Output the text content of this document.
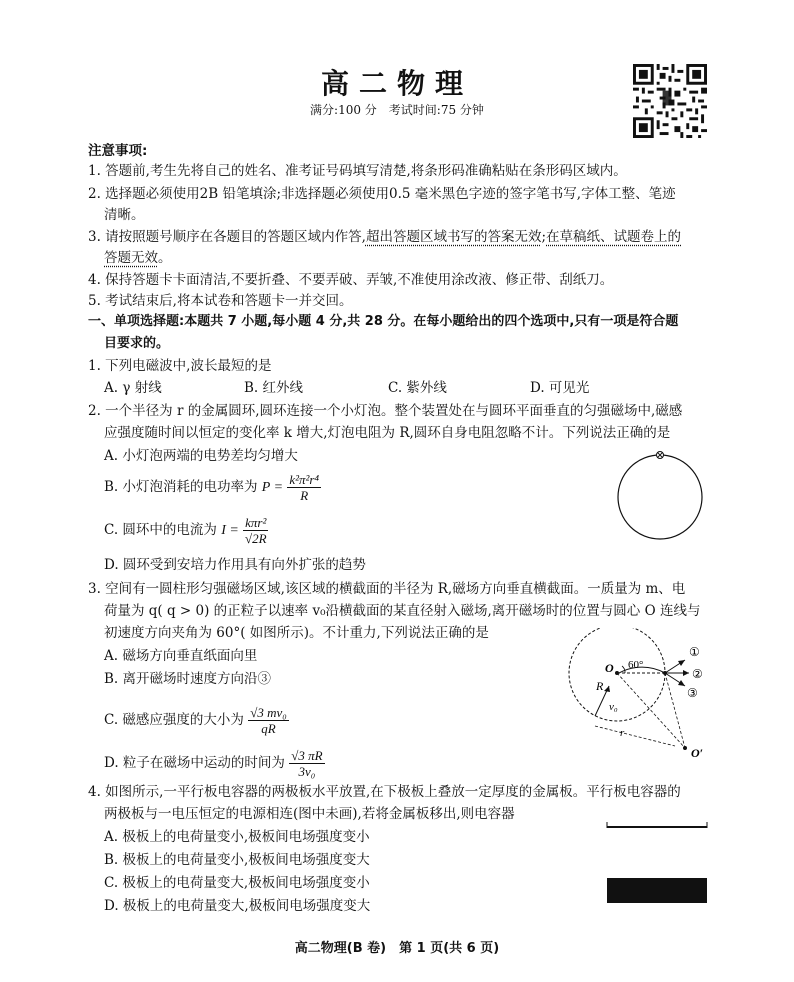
高二物理
满分:100 分　考试时间:75 分钟
注意事项:
1. 答题前,考生先将自己的姓名、准考证号码填写清楚,将条形码准确粘贴在条形码区域内。
2. 选择题必须使用2B 铅笔填涂;非选择题必须使用0.5 毫米黑色字迹的签字笔书写,字体工整、笔迹
清晰。
3. 请按照题号顺序在各题目的答题区域内作答,超出答题区域书写的答案无效;在草稿纸、试题卷上的
答题无效。
4. 保持答题卡卡面清洁,不要折叠、不要弄破、弄皱,不准使用涂改液、修正带、刮纸刀。
5. 考试结束后,将本试卷和答题卡一并交回。
一、单项选择题:本题共 7 小题,每小题 4 分,共 28 分。在每小题给出的四个选项中,只有一项是符合题
目要求的。
1. 下列电磁波中,波长最短的是
A. γ 射线	B. 红外线	C. 紫外线	D. 可见光
2. 一个半径为 r 的金属圆环,圆环连接一个小灯泡。整个装置处在与圆环平面垂直的匀强磁场中,磁感
应强度随时间以恒定的变化率 k 增大,灯泡电阻为 R,圆环自身电阻忽略不计。下列说法正确的是
A. 小灯泡两端的电势差均匀增大
B. 小灯泡消耗的电功率为 $P = \frac{\text{k²π²r⁴}}{R}$
C. 圆环中的电流为 $I = \frac{\text{kπr²}}{√2R}$
D. 圆环受到安培力作用具有向外扩张的趋势
3. 空间有一圆柱形匀强磁场区域,该区域的横截面的半径为 R,磁场方向垂直横截面。一质量为 m、电
荷量为 q( q > 0) 的正粒子以速率 v₀沿横截面的某直径射入磁场,离开磁场时的位置与圆心 O 连线与
初速度方向夹角为 60°( 如图所示)。不计重力,下列说法正确的是
A. 磁场方向垂直纸面向里
B. 离开磁场时速度方向沿③
C. 磁感应强度的大小为 $\frac{\text{√3 mv₀}}{qR}$
D. 粒子在磁场中运动的时间为 $\frac{√3 \pi R}{\text{3v₀}}$
O 60°
R
v₀
r
O′
①
②
③
4. 如图所示,一平行板电容器的两极板水平放置,在下极板上叠放一定厚度的金属板。平行板电容器的
两极板与一电压恒定的电源相连(图中未画),若将金属板移出,则电容器
A. 极板上的电荷量变小,极板间电场强度变小
B. 极板上的电荷量变小,极板间电场强度变大
C. 极板上的电荷量变大,极板间电场强度变小
D. 极板上的电荷量变大,极板间电场强度变大
高二物理(B 卷)　第 1 页(共 6 页)
